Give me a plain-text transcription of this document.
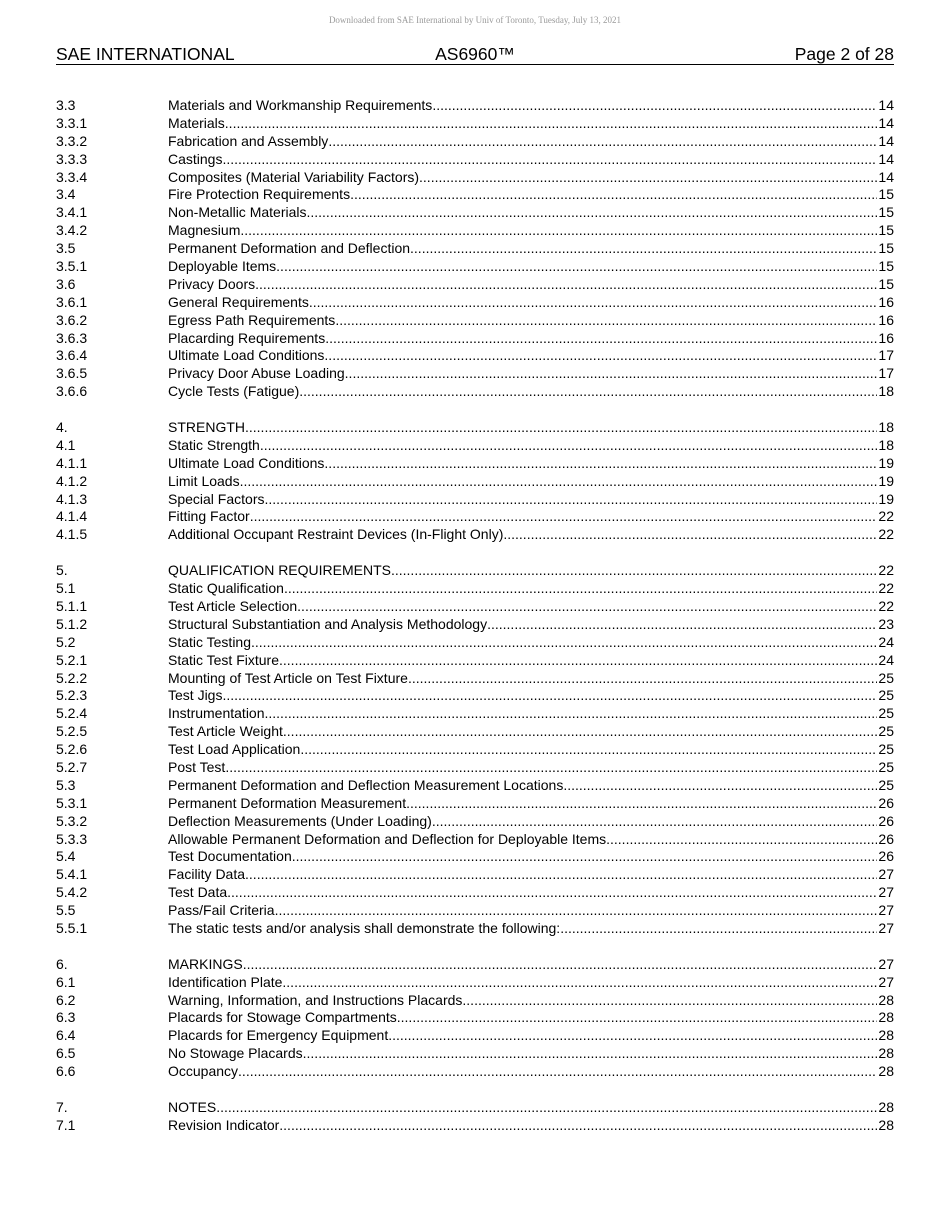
Downloaded from SAE International by Univ of Toronto, Tuesday, July 13, 2021
SAE INTERNATIONAL	AS6960™	Page 2 of 28
3.3	Materials and Workmanship Requirements .....	14
3.3.1	Materials .....	14
3.3.2	Fabrication and Assembly .....	14
3.3.3	Castings .....	14
3.3.4	Composites (Material Variability Factors) .....	14
3.4	Fire Protection Requirements .....	15
3.4.1	Non-Metallic Materials .....	15
3.4.2	Magnesium .....	15
3.5	Permanent Deformation and Deflection .....	15
3.5.1	Deployable Items .....	15
3.6	Privacy Doors .....	15
3.6.1	General Requirements .....	16
3.6.2	Egress Path Requirements .....	16
3.6.3	Placarding Requirements .....	16
3.6.4	Ultimate Load Conditions .....	17
3.6.5	Privacy Door Abuse Loading .....	17
3.6.6	Cycle Tests (Fatigue) .....	18
4.	STRENGTH .....	18
4.1	Static Strength .....	18
4.1.1	Ultimate Load Conditions .....	19
4.1.2	Limit Loads .....	19
4.1.3	Special Factors .....	19
4.1.4	Fitting Factor .....	22
4.1.5	Additional Occupant Restraint Devices (In-Flight Only) .....	22
5.	QUALIFICATION REQUIREMENTS .....	22
5.1	Static Qualification .....	22
5.1.1	Test Article Selection .....	22
5.1.2	Structural Substantiation and Analysis Methodology .....	23
5.2	Static Testing .....	24
5.2.1	Static Test Fixture .....	24
5.2.2	Mounting of Test Article on Test Fixture .....	25
5.2.3	Test Jigs .....	25
5.2.4	Instrumentation .....	25
5.2.5	Test Article Weight .....	25
5.2.6	Test Load Application .....	25
5.2.7	Post Test .....	25
5.3	Permanent Deformation and Deflection Measurement Locations .....	25
5.3.1	Permanent Deformation Measurement .....	26
5.3.2	Deflection Measurements (Under Loading) .....	26
5.3.3	Allowable Permanent Deformation and Deflection for Deployable Items .....	26
5.4	Test Documentation .....	26
5.4.1	Facility Data .....	27
5.4.2	Test Data .....	27
5.5	Pass/Fail Criteria .....	27
5.5.1	The static tests and/or analysis shall demonstrate the following: .....	27
6.	MARKINGS .....	27
6.1	Identification Plate .....	27
6.2	Warning, Information, and Instructions Placards .....	28
6.3	Placards for Stowage Compartments .....	28
6.4	Placards for Emergency Equipment .....	28
6.5	No Stowage Placards .....	28
6.6	Occupancy .....	28
7.	NOTES .....	28
7.1	Revision Indicator .....	28
